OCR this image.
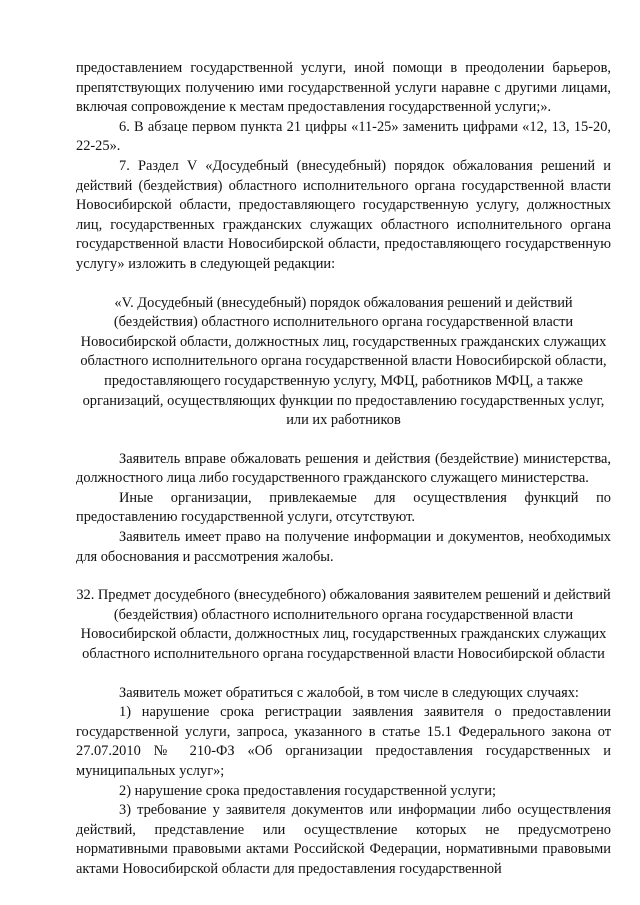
предоставлением государственной услуги, иной помощи в преодолении барьеров, препятствующих получению ими государственной услуги наравне с другими лицами, включая сопровождение к местам предоставления государственной услуги;».

6. В абзаце первом пункта 21 цифры «11-25» заменить цифрами «12, 13, 15-20, 22-25».

7. Раздел V «Досудебный (внесудебный) порядок обжалования решений и действий (бездействия) областного исполнительного органа государственной власти Новосибирской области, предоставляющего государственную услугу, должностных лиц, государственных гражданских служащих областного исполнительного органа государственной власти Новосибирской области, предоставляющего государственную услугу» изложить в следующей редакции:

«V. Досудебный (внесудебный) порядок обжалования решений и действий (бездействия) областного исполнительного органа государственной власти Новосибирской области, должностных лиц, государственных гражданских служащих областного исполнительного органа государственной власти Новосибирской области, предоставляющего государственную услугу, МФЦ, работников МФЦ, а также организаций, осуществляющих функции по предоставлению государственных услуг, или их работников

Заявитель вправе обжаловать решения и действия (бездействие) министерства, должностного лица либо государственного гражданского служащего министерства.

Иные организации, привлекаемые для осуществления функций по предоставлению государственной услуги, отсутствуют.

Заявитель имеет право на получение информации и документов, необходимых для обоснования и рассмотрения жалобы.

32. Предмет досудебного (внесудебного) обжалования заявителем решений и действий (бездействия) областного исполнительного органа государственной власти Новосибирской области, должностных лиц, государственных гражданских служащих областного исполнительного органа государственной власти Новосибирской области

Заявитель может обратиться с жалобой, в том числе в следующих случаях:

1) нарушение срока регистрации заявления заявителя о предоставлении государственной услуги, запроса, указанного в статье 15.1 Федерального закона от 27.07.2010 № 210-ФЗ «Об организации предоставления государственных и муниципальных услуг»;

2) нарушение срока предоставления государственной услуги;

3) требование у заявителя документов или информации либо осуществления действий, представление или осуществление которых не предусмотрено нормативными правовыми актами Российской Федерации, нормативными правовыми актами Новосибирской области для предоставления государственной
